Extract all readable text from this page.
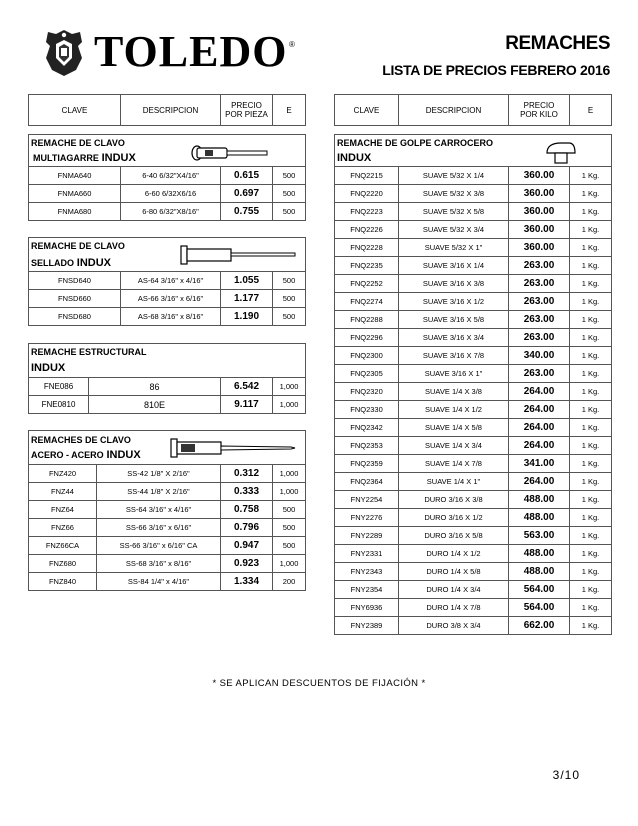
TOLEDO ®	REMACHES
LISTA DE PRECIOS FEBRERO 2016
CLAVE	DESCRIPCION	PRECIO
POR PIEZA	E
REMACHE DE CLAVO
MULTIAGARRE INDUX
FNMA640	6-40 6/32"X4/16"	0.615	500
FNMA660	6-60 6/32X6/16	0.697	500
FNMA680	6-80 6/32"X8/16"	0.755	500
REMACHE DE CLAVO
SELLADO INDUX
FNSD640	AS-64 3/16" x 4/16"	1.055	500
FNSD660	AS-66 3/16" x 6/16"	1.177	500
FNSD680	AS-68 3/16" x 8/16"	1.190	500
REMACHE ESTRUCTURAL
INDUX
FNE086	86	6.542	1,000
FNE0810	810E	9.117	1,000
REMACHES DE CLAVO
ACERO - ACERO INDUX
FNZ420	SS-42 1/8" X 2/16"	0.312	1,000
FNZ44	SS-44 1/8" X 2/16"	0.333	1,000
FNZ64	SS-64 3/16" x 4/16"	0.758	500
FNZ66	SS-66 3/16" x 6/16"	0.796	500
FNZ66CA	SS-66 3/16" x 6/16" CA	0.947	500
FNZ680	SS-68 3/16" x 8/16"	0.923	1,000
FNZ840	SS-84 1/4" x 4/16"	1.334	200
CLAVE	DESCRIPCION	PRECIO
POR KILO	E
REMACHE DE GOLPE CARROCERO
INDUX
FNQ2215	SUAVE 5/32 X 1/4	360.00	1 Kg.
FNQ2220	SUAVE 5/32 X 3/8	360.00	1 Kg.
FNQ2223	SUAVE 5/32 X 5/8	360.00	1 Kg.
FNQ2226	SUAVE 5/32 X 3/4	360.00	1 Kg.
FNQ2228	SUAVE 5/32 X 1"	360.00	1 Kg.
FNQ2235	SUAVE 3/16 X 1/4	263.00	1 Kg.
FNQ2252	SUAVE 3/16 X 3/8	263.00	1 Kg.
FNQ2274	SUAVE 3/16 X 1/2	263.00	1 Kg.
FNQ2288	SUAVE 3/16 X 5/8	263.00	1 Kg.
FNQ2296	SUAVE 3/16 X 3/4	263.00	1 Kg.
FNQ2300	SUAVE 3/16 X 7/8	340.00	1 Kg.
FNQ2305	SUAVE 3/16 X 1"	263.00	1 Kg.
FNQ2320	SUAVE 1/4 X 3/8	264.00	1 Kg.
FNQ2330	SUAVE 1/4 X 1/2	264.00	1 Kg.
FNQ2342	SUAVE 1/4 X 5/8	264.00	1 Kg.
FNQ2353	SUAVE 1/4 X 3/4	264.00	1 Kg.
FNQ2359	SUAVE 1/4 X 7/8	341.00	1 Kg.
FNQ2364	SUAVE 1/4 X 1"	264.00	1 Kg.
FNY2254	DURO 3/16 X 3/8	488.00	1 Kg.
FNY2276	DURO 3/16 X 1/2	488.00	1 Kg.
FNY2289	DURO 3/16 X 5/8	563.00	1 Kg.
FNY2331	DURO 1/4 X 1/2	488.00	1 Kg.
FNY2343	DURO 1/4 X 5/8	488.00	1 Kg.
FNY2354	DURO 1/4 X 3/4	564.00	1 Kg.
FNY6936	DURO 1/4 X 7/8	564.00	1 Kg.
FNY2389	DURO 3/8 X 3/4	662.00	1 Kg.
* SE APLICAN DESCUENTOS DE FIJACIÓN *
3/10
